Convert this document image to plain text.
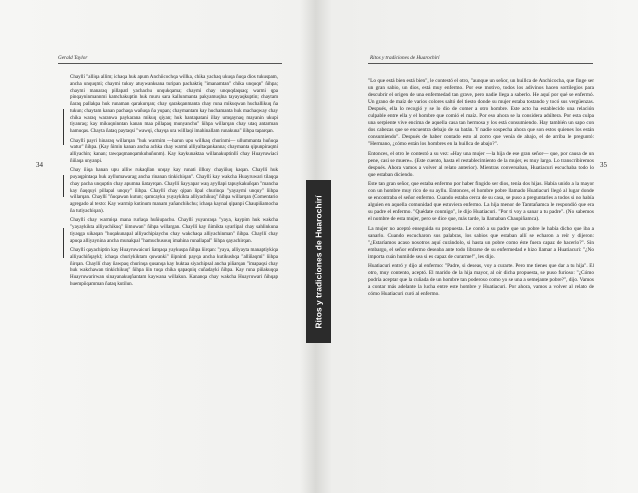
Gerald Taylor
34

Chayllí "alliqa allim; ichaqa huk apum Anchiicochqa willka, chika yachaq ukuqa ñuqa dios tukuspam, ancha unquqmi; chaymi tukuy atuywanksana turipan pachaktiq "imanamtan" chika unquqn" ñihpa; chaymi manaraq pillapatl yachachu unqukqama; chaymi chay unquqdaqsaq; warmi qpa pinqayninmannmi kamchakuptin huk muru sara kallunmanta pakyamuqlna tayayaqkuptin; chaytam ñaraq pallakpa huk runaman qarakurqan; chay qarakqanmanta chay runa mikuqwan huchallikuq ña tukun; chaytam kanan pachaqa wañuqa ña yupan; chaymantam kay huchamanta huk machaqway chay chika waraq waranwa paykarana mikuq qiyan; huk hantapatani illay umqaynaq mayanin ukupi tiyanraq; kay mikuqninntan kanan maa pillapaq munyanchu" ñihpa willarqan chay utaq antarman hamuqas. Chayta ñataq paytaqsi "wawqi, chayqa ura willlaqi imahinallam runakuna" ñihpa taparqan.

Chayllí payri hinaraq willarqan "huk warmim —harun upu willkaq churinmi— ullummanta huñuqa watur" ñihpa. (Kay ñimin kanan ancha achka chay warmi alliyaltaqankanna; chaymanta qipunpiraqmi alliyachin; kanan; tawqaqmanqamkuhuñunm). Kay kaykunaktaa willanakuptinllí chay Huayruwiaci ñiñaqa unyanpi.

Chay ñiqa hanan upu alliw rukaqllan unqay kay runati illkuy chayiñuq kaqan. Chayllí huk puyaqpintaqa huk ayllumawarag ancha rinanan tinkichiqan". Chayllí kay wakcha Huayruwari tilaqqa chay pacha unquptin chay apumna ñatayrqan. Chayllí ñayyapar waŋ ayyllapi tapuykakuñqan "mancha kay ñaqquyi pillapal unquy" ñihpa. Chayllí chay qipan lipal churinqa "yayaymi unquy" ñihpa willarqan. Chayllí "ñuqawan kutun; qamcayku yuyaykikta alliyachikuq" ñihpa willarqan (Comentario agregado al texto: Kay warmip kutinum manam yañanchikchu; ichaqa kaynal qipanpi Chaupiñamocha ña tutiyachiqan).

Chayllí chay warmiqa mana rurlaqa huñiupachu. Chayllí yuyanraqa "yaya, kaypim huk wakcha "yayaykikta alliyachikuq" ñimuwan" ñihpa willargan. Chayllí kay ñimikta uyarlipal chay sahlinkuna tiyaqga uikaqan "huqakunapal alliyachipiaychu chay wakchaqa alliyachinman" ñihpa. Chayllí chay apuqa alliyaynina ancha munakpal "hamuchusouq imahina runallapal" ñihpa qayachirqan.

Chayllí qayachiptin kay Huayruwaicuri ñatqaqa yaykuspa ñihpa ñirqan: "yaya, alliyayta manaptiykiqa alliyachiñqaykl; ichaqa churiykiktam quwanki" ñipninti payqa ancha kutikushqa "alliñaqmi" ñihpa ñirqan. Chayllí chay ñawpaq churinqa qusanqa kay huktaa siyachipsal ancha piñarqan "imapaqsi chay huk wakchawan tinkichikuq" ñihpa ñin tuqa chika qapaqniq cuñadayki ñihpa. Kay runa piñakuqqa Huayruwarirwan sinayanakuqñantam kaywana willakun. Kananqa chay wakcha Huayruwari ñihqap huempiiqamman ñataq kutilun.

Ritos y tradiciones de Huarochirí
35

"Lo que está bien está bien", le contestó el otro, "aunque un señor, un huillca de Anchicocha, que finge ser un gran sabio, un dios, está muy enfermo. Por ese motivo, todos los adivinos hacen sortilegios para descubrir el origen de una enfermedad tan grave, pero nadie llega a saberlo. He aquí por qué se enfermó. Un grano de maíz de varios colores saltó del tiesto donde su mujer estaba tostando y tocó sus vergüenzas. Después, ella lo recogió y se lo dio de comer a otro hombre. Este acto ha establecido una relación culpable entre ella y el hombre que comió el maíz. Por eso ahora se la considera adúltera. Por esta culpa una serpiente vive encima de aquella casa tan hermosa y los está consumiendo. Hay también un sapo con dos cabezas que se encuentra debajo de su batán. Y nadie sospecha ahora que son estos quienes los están consumiendo". Después de haber contado esto al zorro que venía de abajo, el de arriba le preguntó: "Hermano, ¿cómo están los hombres en la huillca de abajo?".

Entonces, el otro le contestó a su vez: «Hay una mujer —la hija de ese gran señor— que, por causa de un pene, casi se muere». (Este cuento, hasta el restablecimiento de la mujer, es muy largo. Lo transcribiremos después. Ahora vamos a volver al relato anterior). Mientras conversaban, Huatiacuri escuchaba todo lo que estaban diciendo.

Este tan gran señor, que estaba enfermo por haber fingido ser dios, tenía dos hijas. Había unido a la mayor con un hombre muy rico de su ayllu. Entonces, el hombre pobre llamado Huatiacuri llegó al lugar donde se encontraba el señor enfermo. Cuando estaba cerca de su casa, se puso a preguntarles a todos si no había alguien en aquella comunidad que estuviera enfermo. La hija menor de Tamtañamca le respondió que era su padre el enfermo. "Quédate conmigo", le dijo Huatiacuri. "Por ti voy a sanar a tu padre". (No sabemos el nombre de esta mujer, pero se dice que, más tarde, la llamaban Chaupiñamca).

La mujer no aceptó enseguida su propuesta. Le contó a su padre que un pobre le había dicho que iba a sanarlo. Cuando escucharon sus palabras, los sabios que estaban allí se echaron a reír y dijeron: "¿Estaríamos acaso nosotros aquí curándolo, si hasta un pobre como éste fuera capaz de hacerlo?". Sin embargo, el señor enfermo deseaba ante todo librarse de su enfermedad e hizo llamar a Huatiacuri: "¿No importa cuán humilde sea si es capaz de curarme!", les dijo.

Huatiacuri entró y dijo al enfermo: "Padre, si deseas, voy a curarte. Pero me tienes que dar a tu hija". El otro, muy contento, aceptó. El marido de la hija mayor, al oír dicha propuesta, se puso furioso: "¿Cómo podría aceptar que la cuñada de un hombre tan poderoso como yo se una a semejante pobre?", dijo. Vamos a contar más adelante la lucha entre este hombre y Huatiacuri. Por ahora, vamos a volver al relato de cómo Huatiacuri curó al enfermo.

Ritos y tradiciones de Huarochirí
